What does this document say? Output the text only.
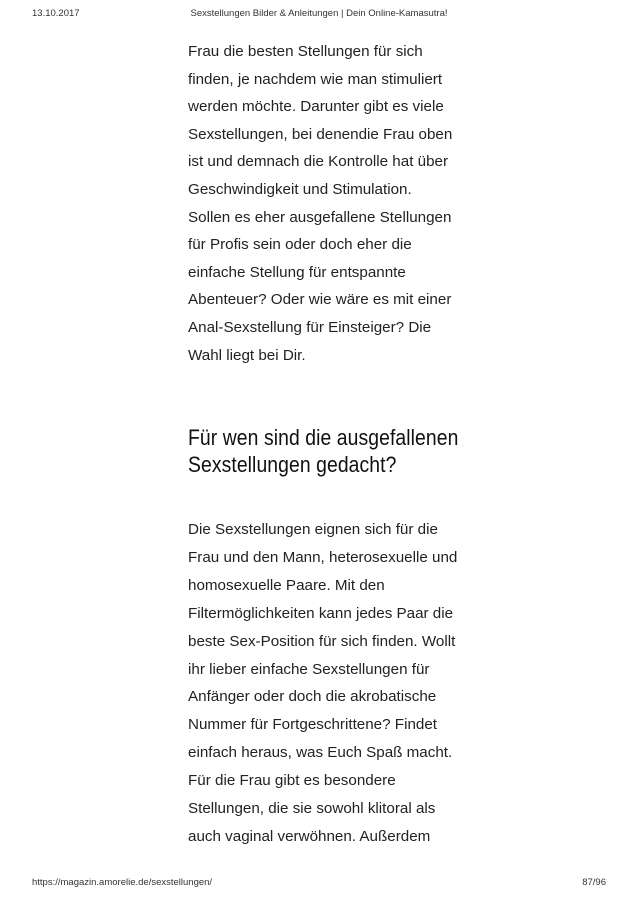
13.10.2017	Sexstellungen Bilder & Anleitungen | Dein Online-Kamasutra!

Frau die besten Stellungen für sich
finden, je nachdem wie man stimuliert
werden möchte. Darunter gibt es viele
Sexstellungen, bei denendie Frau oben
ist und demnach die Kontrolle hat über
Geschwindigkeit und Stimulation.
Sollen es eher ausgefallene Stellungen
für Profis sein oder doch eher die
einfache Stellung für entspannte
Abenteuer? Oder wie wäre es mit einer
Anal-Sexstellung für Einsteiger? Die
Wahl liegt bei Dir.

Für wen sind die ausgefallenen
Sexstellungen gedacht?

Die Sexstellungen eignen sich für die
Frau und den Mann, heterosexuelle und
homosexuelle Paare. Mit den
Filtermöglichkeiten kann jedes Paar die
beste Sex-Position für sich finden. Wollt
ihr lieber einfache Sexstellungen für
Anfänger oder doch die akrobatische
Nummer für Fortgeschrittene? Findet
einfach heraus, was Euch Spaß macht.
Für die Frau gibt es besondere
Stellungen, die sie sowohl klitoral als
auch vaginal verwöhnen. Außerdem

https://magazin.amorelie.de/sexstellungen/	87/96
